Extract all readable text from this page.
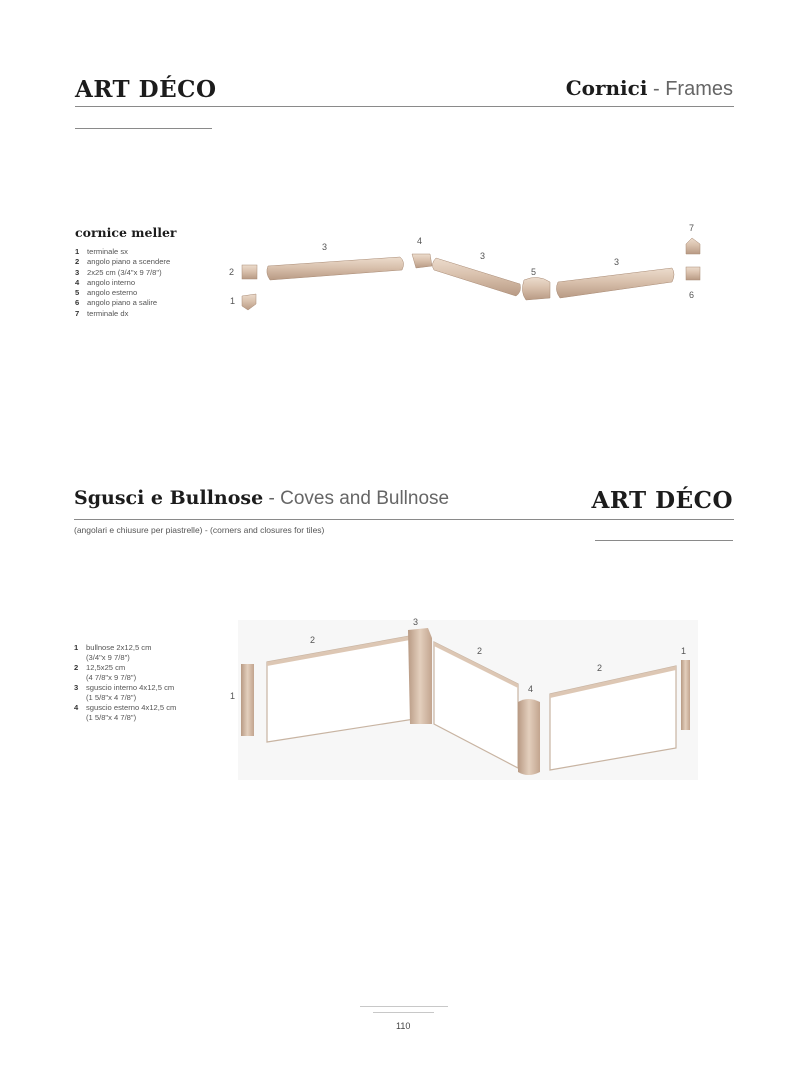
ART DÉCO	Cornici - Frames
cornice meller
1 terminale sx
2 angolo piano a scendere
3 2x25 cm (3/4"x 9 7/8")
4 angolo interno
5 angolo esterno
6 angolo piano a salire
7 terminale dx
1
2
3
4
3
5
3
6
7
Sgusci e Bullnose - Coves and Bullnose	ART DÉCO
(angolari e chiusure per piastrelle) - (corners and closures for tiles)
1 bullnose 2x12,5 cm
(3/4"x 9 7/8")
2 12,5x25 cm
(4 7/8"x 9 7/8")
3 sguscio interno 4x12,5 cm
(1 5/8"x 4 7/8")
4 sguscio esterno 4x12,5 cm
(1 5/8"x 4 7/8")
1
2
3
2
4
2
1
110
